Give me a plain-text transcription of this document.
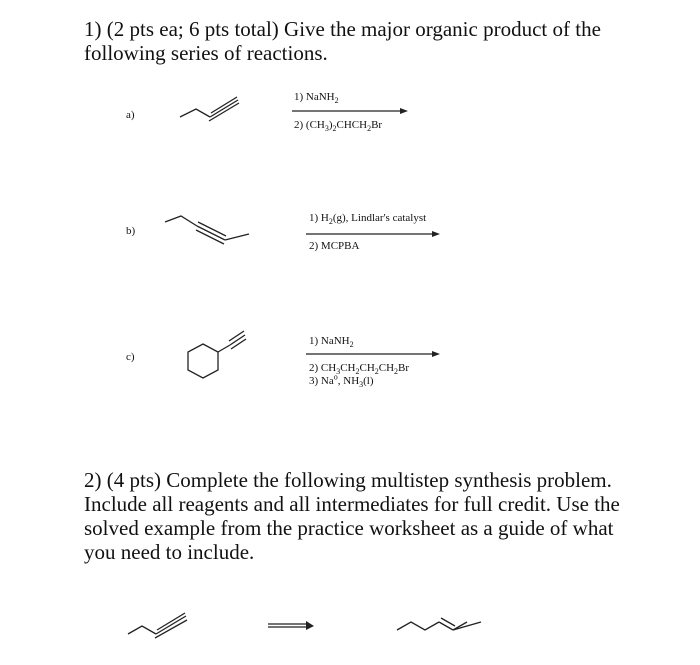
1) (2 pts ea; 6 pts total) Give the major organic product of the following series of reactions.

a)
1) NaNH$_2$
2) $(CH_3)_2CHCH_2Br$
b)
1) $H_2(g)$, Lindlar's catalyst
2) MCPBA
c)
1) NaNH$_2$
2) $CH_3CH_2CH_2CH_2Br$
3) Na$^o$, $NH_3(l)$

2) (4 pts) Complete the following multistep synthesis problem. Include all reagents and all intermediates for full credit. Use the solved example from the practice worksheet as a guide of what you need to include.
